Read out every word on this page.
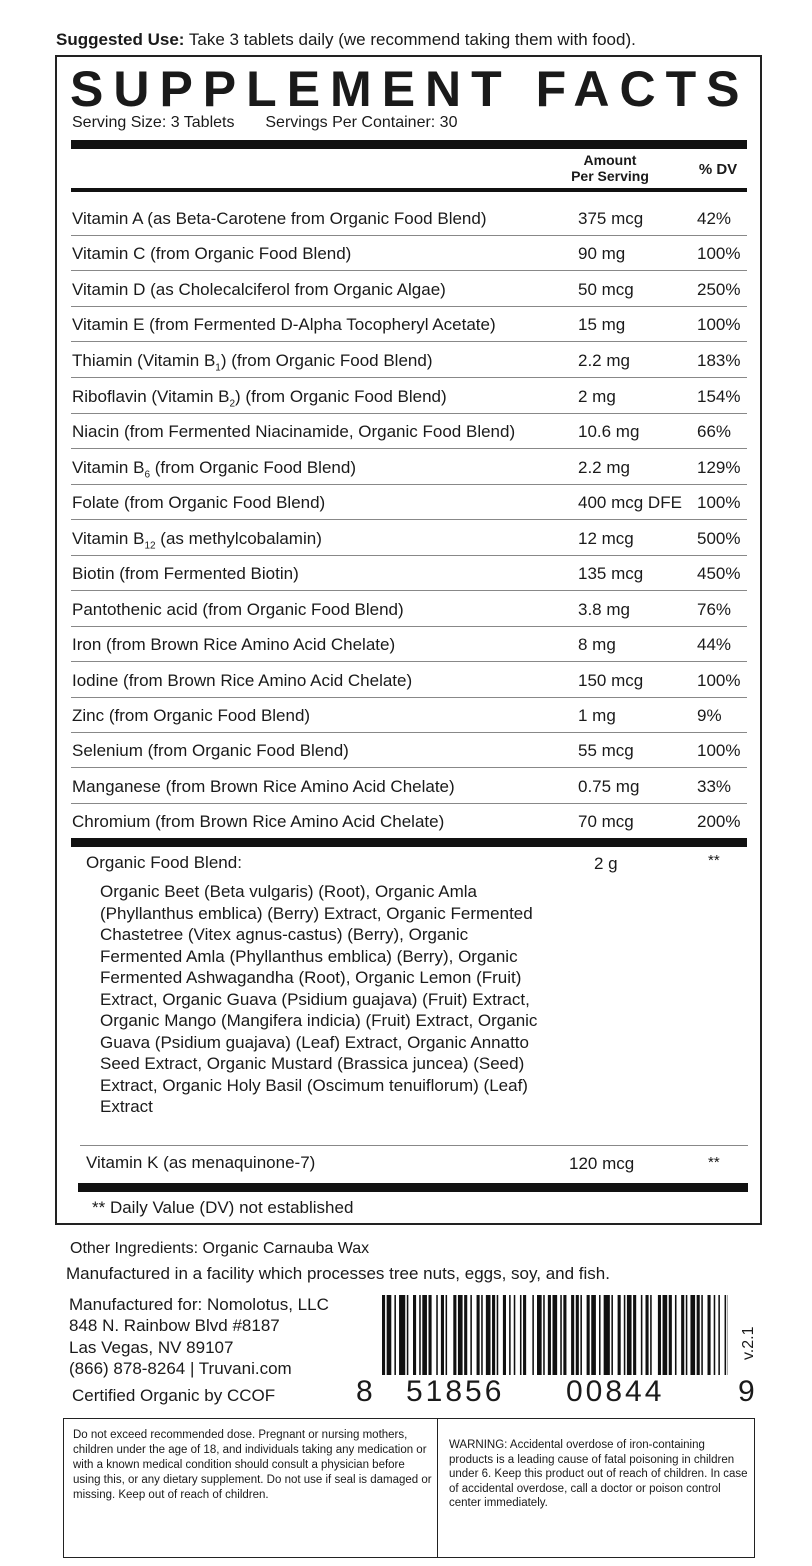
Suggested Use: Take 3 tablets daily (we recommend taking them with food).
SUPPLEMENT FACTS
Serving Size: 3 Tablets Servings Per Container: 30
Amount
Per Serving	% DV
Vitamin A (as Beta-Carotene from Organic Food Blend)	375 mcg	42%
Vitamin C (from Organic Food Blend)	90 mg	100%
Vitamin D (as Cholecalciferol from Organic Algae)	50 mcg	250%
Vitamin E (from Fermented D-Alpha Tocopheryl Acetate)	15 mg	100%
Thiamin (Vitamin $B_1$) (from Organic Food Blend)	2.2 mg	183%
Riboflavin (Vitamin $B_2$) (from Organic Food Blend)	2 mg	154%
Niacin (from Fermented Niacinamide, Organic Food Blend)	10.6 mg	66%
Vitamin $B_6$ (from Organic Food Blend)	2.2 mg	129%
Folate (from Organic Food Blend)	400 mcg DFE 100%
Vitamin $B_{12}$ (as methylcobalamin)	12 mcg	500%
Biotin (from Fermented Biotin)	135 mcg	450%
Pantothenic acid (from Organic Food Blend)	3.8 mg	76%
Iron (from Brown Rice Amino Acid Chelate)	8 mg	44%
Iodine (from Brown Rice Amino Acid Chelate)	150 mcg	100%
Zinc (from Organic Food Blend)	1 mg	9%
Selenium (from Organic Food Blend)	55 mcg	100%
Manganese (from Brown Rice Amino Acid Chelate)	0.75 mg	33%
Chromium (from Brown Rice Amino Acid Chelate)	70 mcg	200%
Organic Food Blend:	2 g	**
Organic Beet (Beta vulgaris) (Root), Organic Amla (Phyllanthus emblica) (Berry) Extract, Organic Fermented Chastetree (Vitex agnus-castus) (Berry), Organic Fermented Amla (Phyllanthus emblica) (Berry), Organic Fermented Ashwagandha (Root), Organic Lemon (Fruit) Extract, Organic Guava (Psidium guajava) (Fruit) Extract, Organic Mango (Mangifera indicia) (Fruit) Extract, Organic Guava (Psidium guajava) (Leaf) Extract, Organic Annatto Seed Extract, Organic Mustard (Brassica juncea) (Seed) Extract, Organic Holy Basil (Oscimum tenuiflorum) (Leaf) Extract
Vitamin K (as menaquinone-7)	120 mcg	**
** Daily Value (DV) not established
Other Ingredients: Organic Carnauba Wax
Manufactured in a facility which processes tree nuts, eggs, soy, and fish.
Manufactured for: Nomolotus, LLC
848 N. Rainbow Blvd #8187
Las Vegas, NV 89107
(866) 878-8264 | Truvani.com
Certified Organic by CCOF	8 51856 00844 9
v.2.1
Do not exceed recommended dose. Pregnant or nursing mothers, children under the age of 18, and individuals taking any medication or with a known medical condition should consult a physician before using this, or any dietary supplement. Do not use if seal is damaged or missing. Keep out of reach of children.
WARNING: Accidental overdose of iron-containing products is a leading cause of fatal poisoning in children under 6. Keep this product out of reach of children. In case of accidental overdose, call a doctor or poison control center immediately.
